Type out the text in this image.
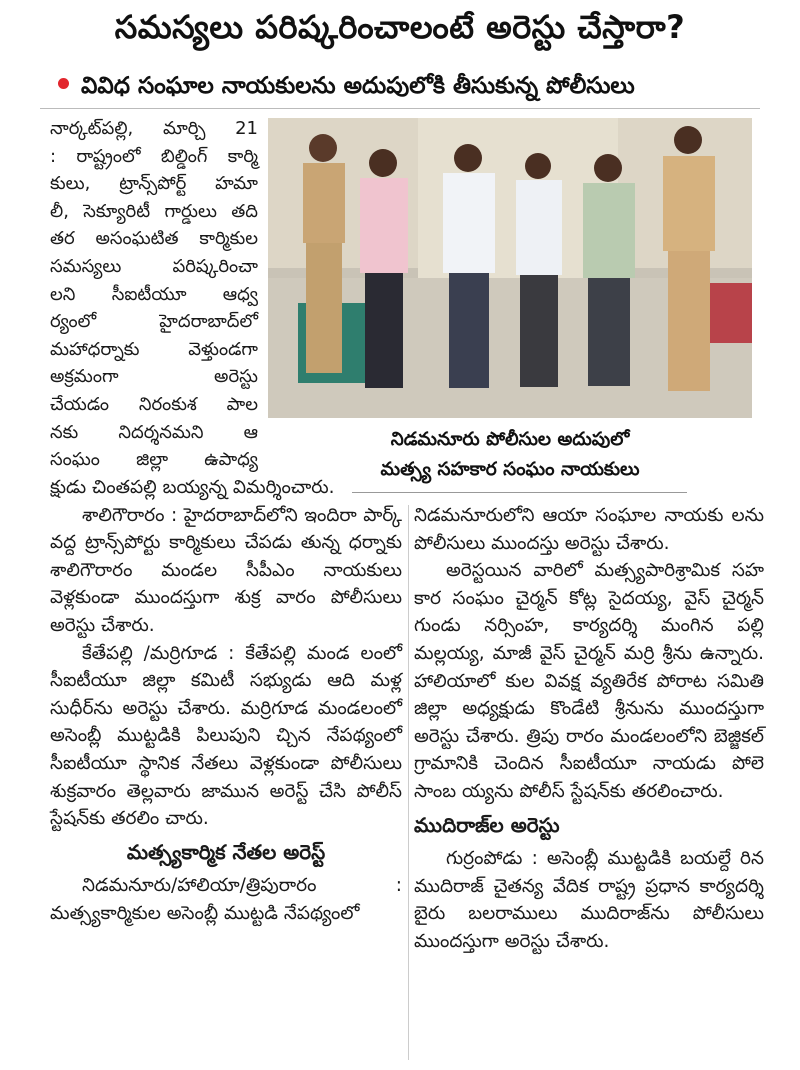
సమస్యలు పరిష్కరించాలంటే అరెస్టు చేస్తారా?
వివిధ సంఘాల నాయకులను అదుపులోకి తీసుకున్న పోలీసులు
నార్కట్‌పల్లి, మార్చి 21
: రాష్ట్రంలో బిల్డింగ్ కార్మి
కులు, ట్రాన్స్‌పోర్ట్ హమా
లీ, సెక్యూరిటీ గార్డులు తది
తర అసంఘటిత కార్మికుల
సమస్యలు పరిష్కరించా
లని సీఐటీయూ ఆధ్వ
ర్యంలో హైదరాబాద్‌లో
మహాధర్నాకు వెళ్తుండగా
అక్రమంగా అరెస్టు
చేయడం నిరంకుశ పాల
నకు నిదర్శనమని ఆ
సంఘం జిల్లా ఉపాధ్య
నిడమనూరు పోలీసుల అదుపులో
మత్స్య సహకార సంఘం నాయకులు
క్షుడు చింతపల్లి బయ్యన్న విమర్శించారు.

శాలిగౌరారం : హైదరాబాద్‌లోని ఇందిరా పార్క్ వద్ద ట్రాన్స్‌పోర్టు కార్మికులు చేపడు తున్న ధర్నాకు శాలిగౌరారం మండల సీపీఎం నాయకులు వెళ్లకుండా ముందస్తుగా శుక్ర వారం పోలీసులు అరెస్టు చేశారు.

కేతేపల్లి /మర్రిగూడ : కేతేపల్లి మండ లంలో సీఐటీయూ జిల్లా కమిటీ సభ్యుడు ఆది మళ్ల సుధీర్‌ను అరెస్టు చేశారు. మర్రిగూడ మండలంలో అసెంబ్లీ ముట్టడికి పిలుపుని చ్చిన నేపథ్యంలో సీఐటీయూ స్థానిక నేతలు వెళ్లకుండా పోలీసులు శుక్రవారం తెల్లవారు జామున అరెస్ట్ చేసి పోలీస్ స్టేషన్‌కు తరలిం చారు.

మత్స్యకార్మిక నేతల అరెస్ట్

నిడమనూరు/హాలియా/త్రిపురారం : మత్స్యకార్మికుల అసెంబ్లీ ముట్టడి నేపథ్యంలో

నిడమనూరులోని ఆయా సంఘాల నాయకు లను పోలీసులు ముందస్తు అరెస్టు చేశారు.

అరెస్టయిన వారిలో మత్స్యపారిశ్రామిక సహ కార సంఘం చైర్మన్ కోట్ల సైదయ్య, వైస్ చైర్మన్ గుండు నర్సింహ, కార్యదర్శి మంగిన పల్లి మల్లయ్య, మాజీ వైస్ చైర్మన్ మర్రి శ్రీను ఉన్నారు. హాలియాలో కుల వివక్ష వ్యతిరేక పోరాట సమితి జిల్లా అధ్యక్షుడు కొండేటి శ్రీనును ముందస్తుగా అరెస్టు చేశారు. త్రిపు రారం మండలంలోని బెజ్జికల్ గ్రామానికి చెందిన సీఐటీయూ నాయడు పోలె సాంబ య్యను పోలీస్ స్టేషన్‌కు తరలించారు.

ముదిరాజ్‌ల అరెస్టు

గుర్రంపోడు : అసెంబ్లీ ముట్టడికి బయల్దే రిన ముదిరాజ్ చైతన్య వేదిక రాష్ట్ర ప్రధాన కార్యదర్శి బైరు బలరాములు ముదిరాజ్‌ను పోలీసులు ముందస్తుగా అరెస్టు చేశారు.
